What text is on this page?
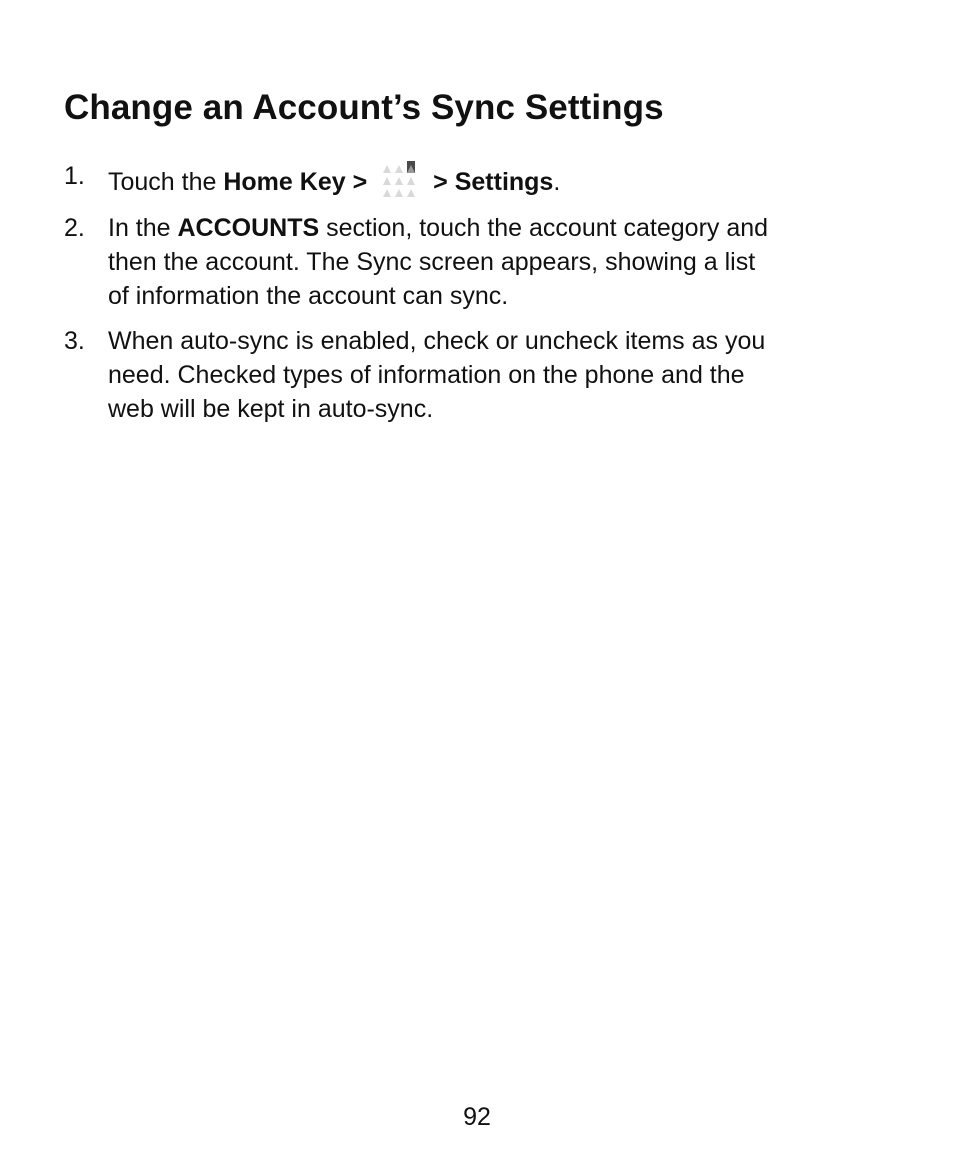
Change an Account’s Sync Settings
1. Touch the Home Key >	> Settings.
2. In the ACCOUNTS section, touch the account category and
then the account. The Sync screen appears, showing a list
of information the account can sync.
3. When auto-sync is enabled, check or uncheck items as you
need. Checked types of information on the phone and the
web will be kept in auto-sync.
92
